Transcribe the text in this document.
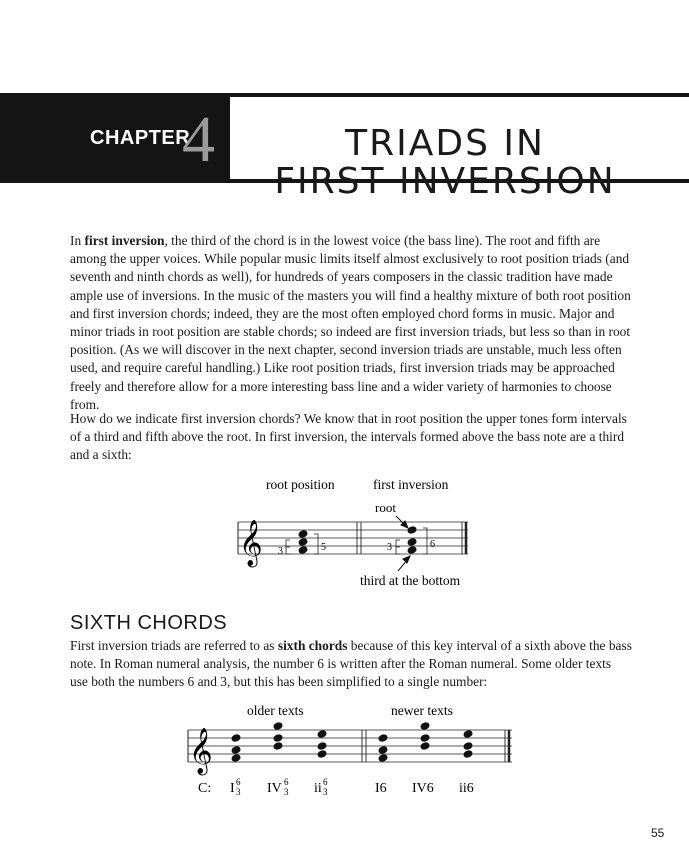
CHAPTER
4	TRIADS IN
FIRST INVERSION

In first inversion, the third of the chord is in the lowest voice (the bass line). The root and fifth are among the upper voices. While popular music limits itself almost exclusively to root position triads (and seventh and ninth chords as well), for hundreds of years composers in the classic tradition have made ample use of inversions. In the music of the masters you will find a healthy mixture of both root position and first inversion chords; indeed, they are the most often employed chord forms in music. Major and minor triads in root position are stable chords; so indeed are first inversion triads, but less so than in root position. (As we will discover in the next chapter, second inversion triads are unstable, much less often used, and require careful handling.) Like root position triads, first inversion triads may be approached freely and therefore allow for a more interesting bass line and a wider variety of harmonies to choose from.

How do we indicate first inversion chords? We know that in root position the upper tones form intervals of a third and fifth above the root. In first inversion, the intervals formed above the bass note are a third and a sixth:

root position	first inversion
root
𝄞 3	5	3	6
third at the bottom
SIXTH CHORDS

First inversion triads are referred to as sixth chords because of this key interval of a sixth above the bass note. In Roman numeral analysis, the number 6 is written after the Roman numeral. Some older texts use both the numbers 6 and 3, but this has been simplified to a single number:

older texts	newer texts
𝄞
C: I 6
3 IV 6
3 ii 6
3	I6 IV6 ii6
55
